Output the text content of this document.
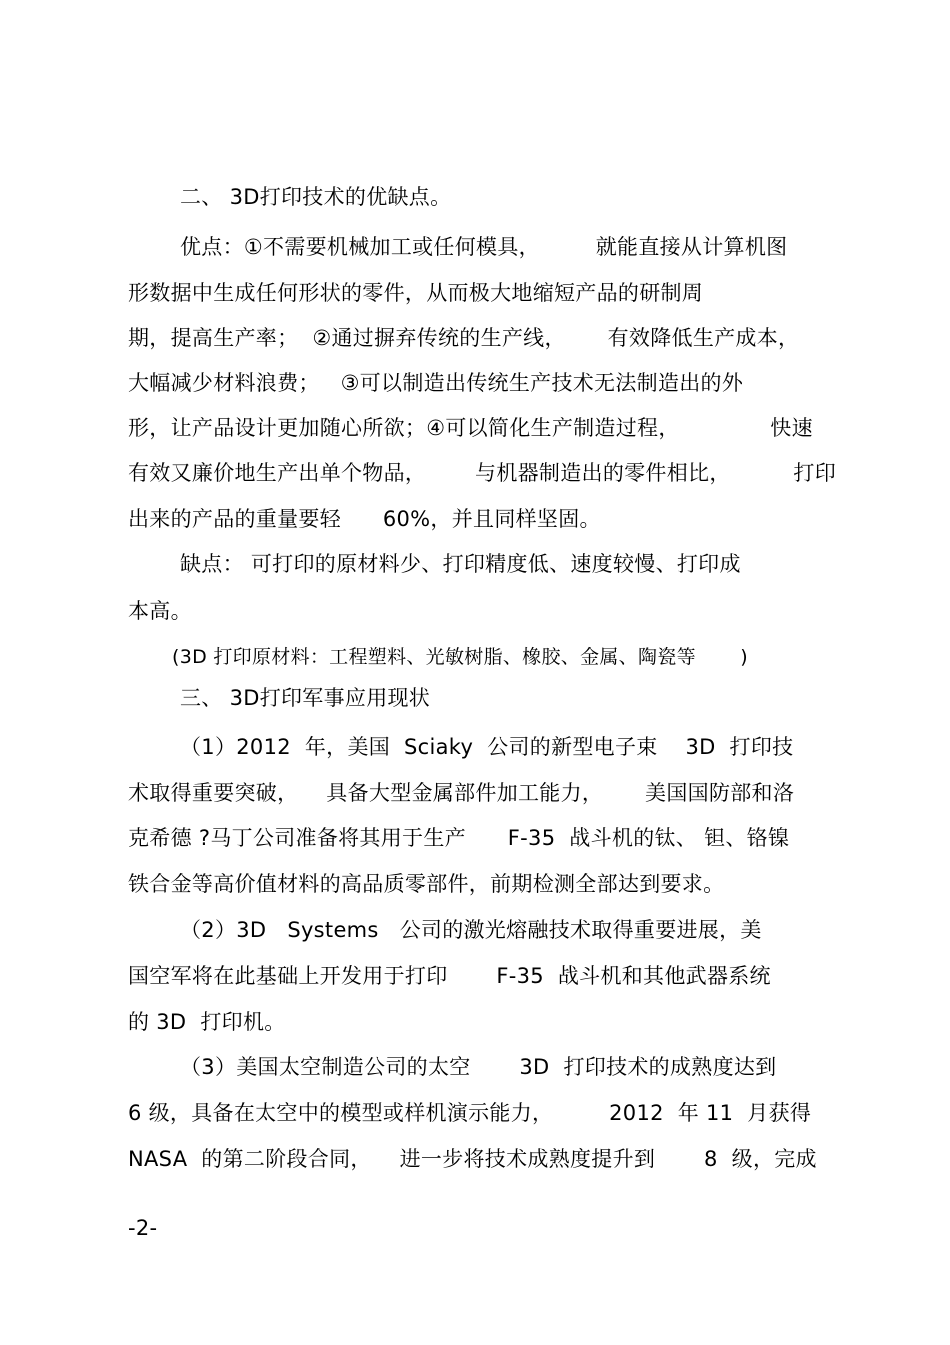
二、 3D打印技术的优缺点。
优点：①不需要机械加工或任何模具，        就能直接从计算机图
形数据中生成任何形状的零件，从而极大地缩短产品的研制周
期，提高生产率；  ②通过摒弃传统的生产线，      有效降低生产成本，
大幅减少材料浪费；   ③可以制造出传统生产技术无法制造出的外
形，让产品设计更加随心所欲；④可以简化生产制造过程，             快速
有效又廉价地生产出单个物品，       与机器制造出的零件相比，         打印
出来的产品的重量要轻      60%，并且同样坚固。
缺点： 可打印的原材料少、打印精度低、速度较慢、打印成
本高。
(3D 打印原材料：工程塑料、光敏树脂、橡胶、金属、陶瓷等       )
三、 3D打印军事应用现状
（1）2012  年，美国  Sciaky  公司的新型电子束    3D  打印技
术取得重要突破，    具备大型金属部件加工能力，      美国国防部和洛
克希德 ?马丁公司准备将其用于生产      F-35  战斗机的钛、 钽、铬镍
铁合金等高价值材料的高品质零部件，前期检测全部达到要求。
（2）3D   Systems   公司的激光熔融技术取得重要进展，美
国空军将在此基础上开发用于打印       F-35  战斗机和其他武器系统
的 3D  打印机。
（3）美国太空制造公司的太空       3D  打印技术的成熟度达到
6 级，具备在太空中的模型或样机演示能力，        2012  年 11  月获得
NASA  的第二阶段合同，    进一步将技术成熟度提升到       8  级，完成
-2-
